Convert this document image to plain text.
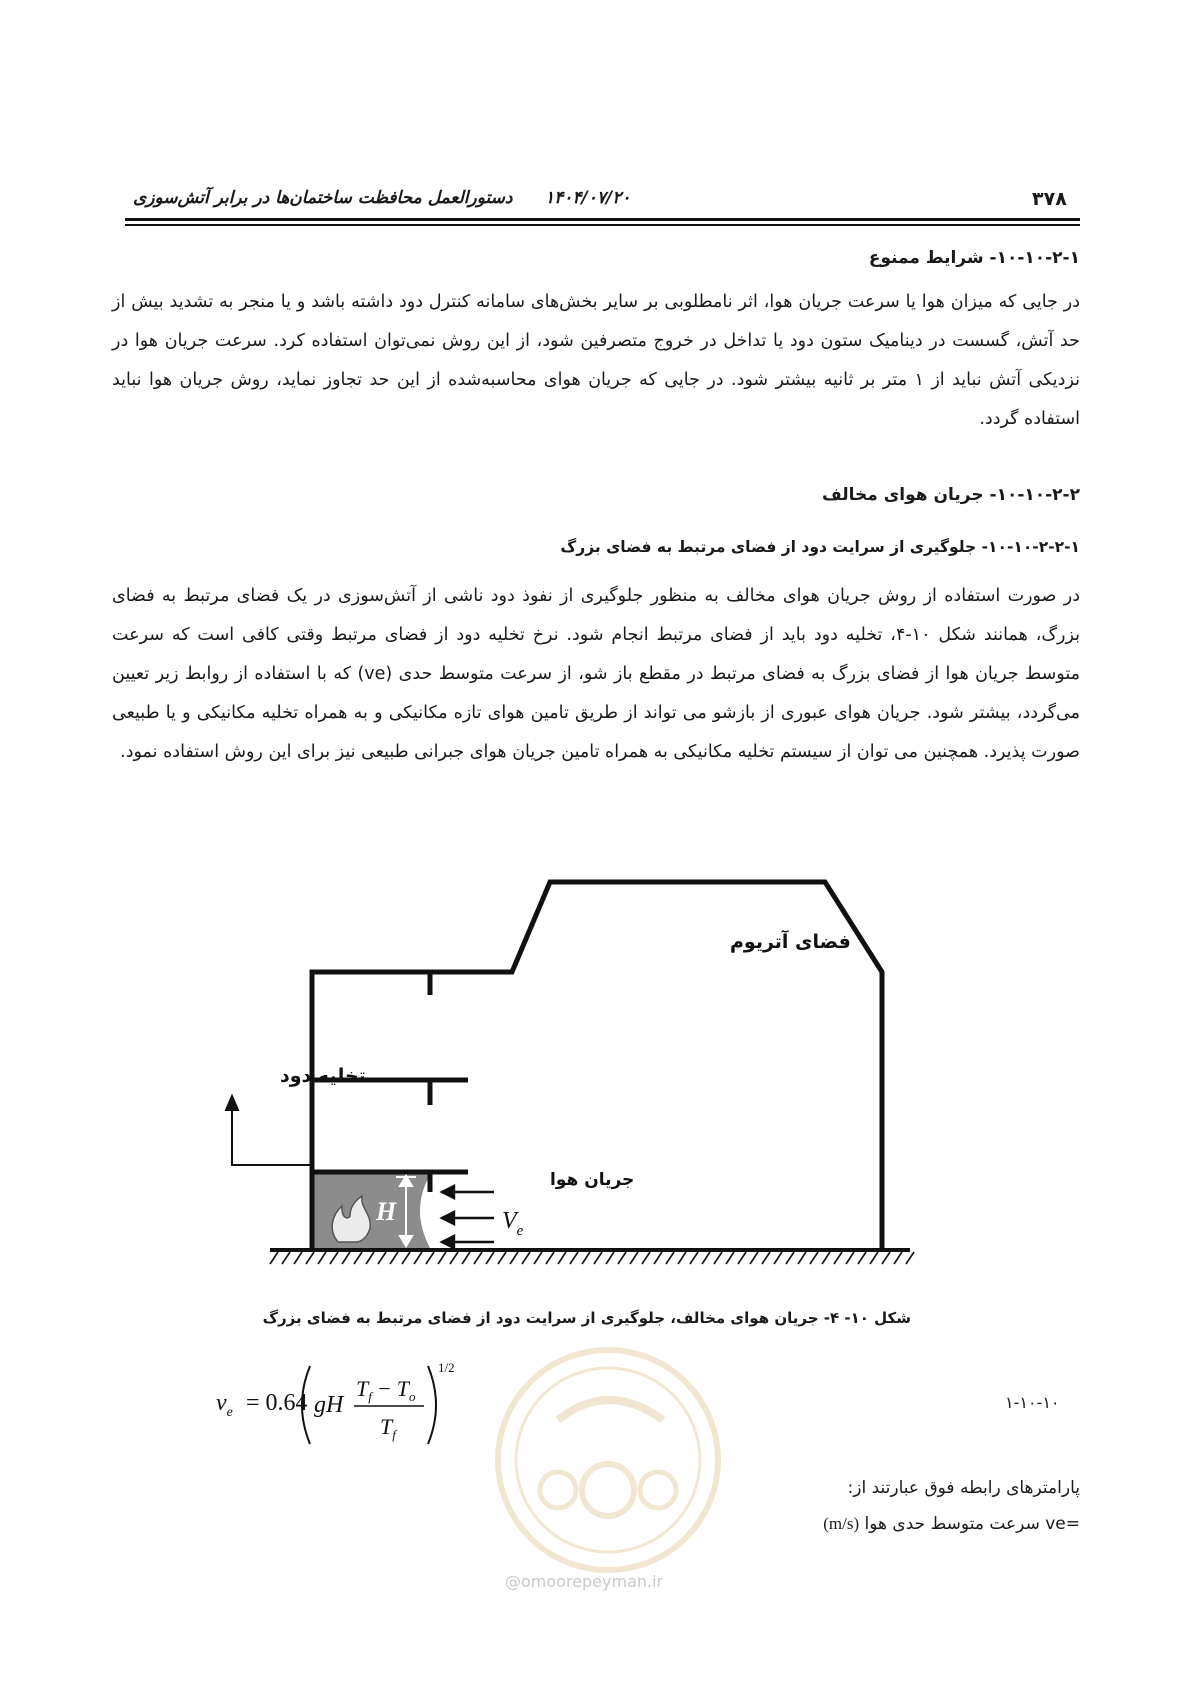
۳۷۸
۱۴۰۴/۰۷/۲۰
دستورالعمل محافظت ساختمان‌ها در برابر آتش‌سوزی
۱۰-۱۰-۲-۱- شرایط ممنوع
در جایی که میزان هوا یا سرعت جریان هوا، اثر نامطلوبی بر سایر بخش‌های سامانه کنترل دود داشته باشد و یا منجر به تشدید بیش از حد آتش، گسست در دینامیک ستون دود یا تداخل در خروج متصرفین شود، از این روش نمی‌توان استفاده کرد. سرعت جریان هوا در نزدیکی آتش نباید از ۱ متر بر ثانیه بیشتر شود. در جایی که جریان هوای محاسبه‌شده از این حد تجاوز نماید، روش جریان هوا نباید استفاده گردد.
۱۰-۱۰-۲-۲- جریان هوای مخالف
۱۰-۱۰-۲-۲-۱- جلوگیری از سرایت دود از فضای مرتبط به فضای بزرگ
در صورت استفاده از روش جریان هوای مخالف به منظور جلوگیری از نفوذ دود ناشی از آتش‌سوزی در یک فضای مرتبط به فضای بزرگ، همانند شکل ۱۰-۴، تخلیه دود باید از فضای مرتبط انجام شود. نرخ تخلیه دود از فضای مرتبط وقتی کافی است که سرعت متوسط جریان هوا از فضای بزرگ به فضای مرتبط در مقطع باز شو، از سرعت متوسط حدی (ve) که با استفاده از روابط زیر تعیین می‌گردد، بیشتر شود. جریان هوای عبوری از بازشو می تواند از طریق تامین هوای تازه مکانیکی و به همراه تخلیه مکانیکی و یا طبیعی صورت پذیرد. همچنین می توان از سیستم تخلیه مکانیکی به همراه تامین جریان هوای جبرانی طبیعی نیز برای این روش استفاده نمود.
H
جریان هوا
$V_e$
تخلیه دود
فضای آتریوم
شکل ۱۰- ۴- جریان هوای مخالف، جلوگیری از سرایت دود از فضای مرتبط به فضای بزرگ
@omoorepeyman.ir
$v_e = 0.64$ gH
$T_f - T_o$
$T_f$
1/2
۱-۱۰-۱۰
پارامترهای رابطه فوق عبارتند از:
=ve سرعت متوسط حدی هوا (m/s)
